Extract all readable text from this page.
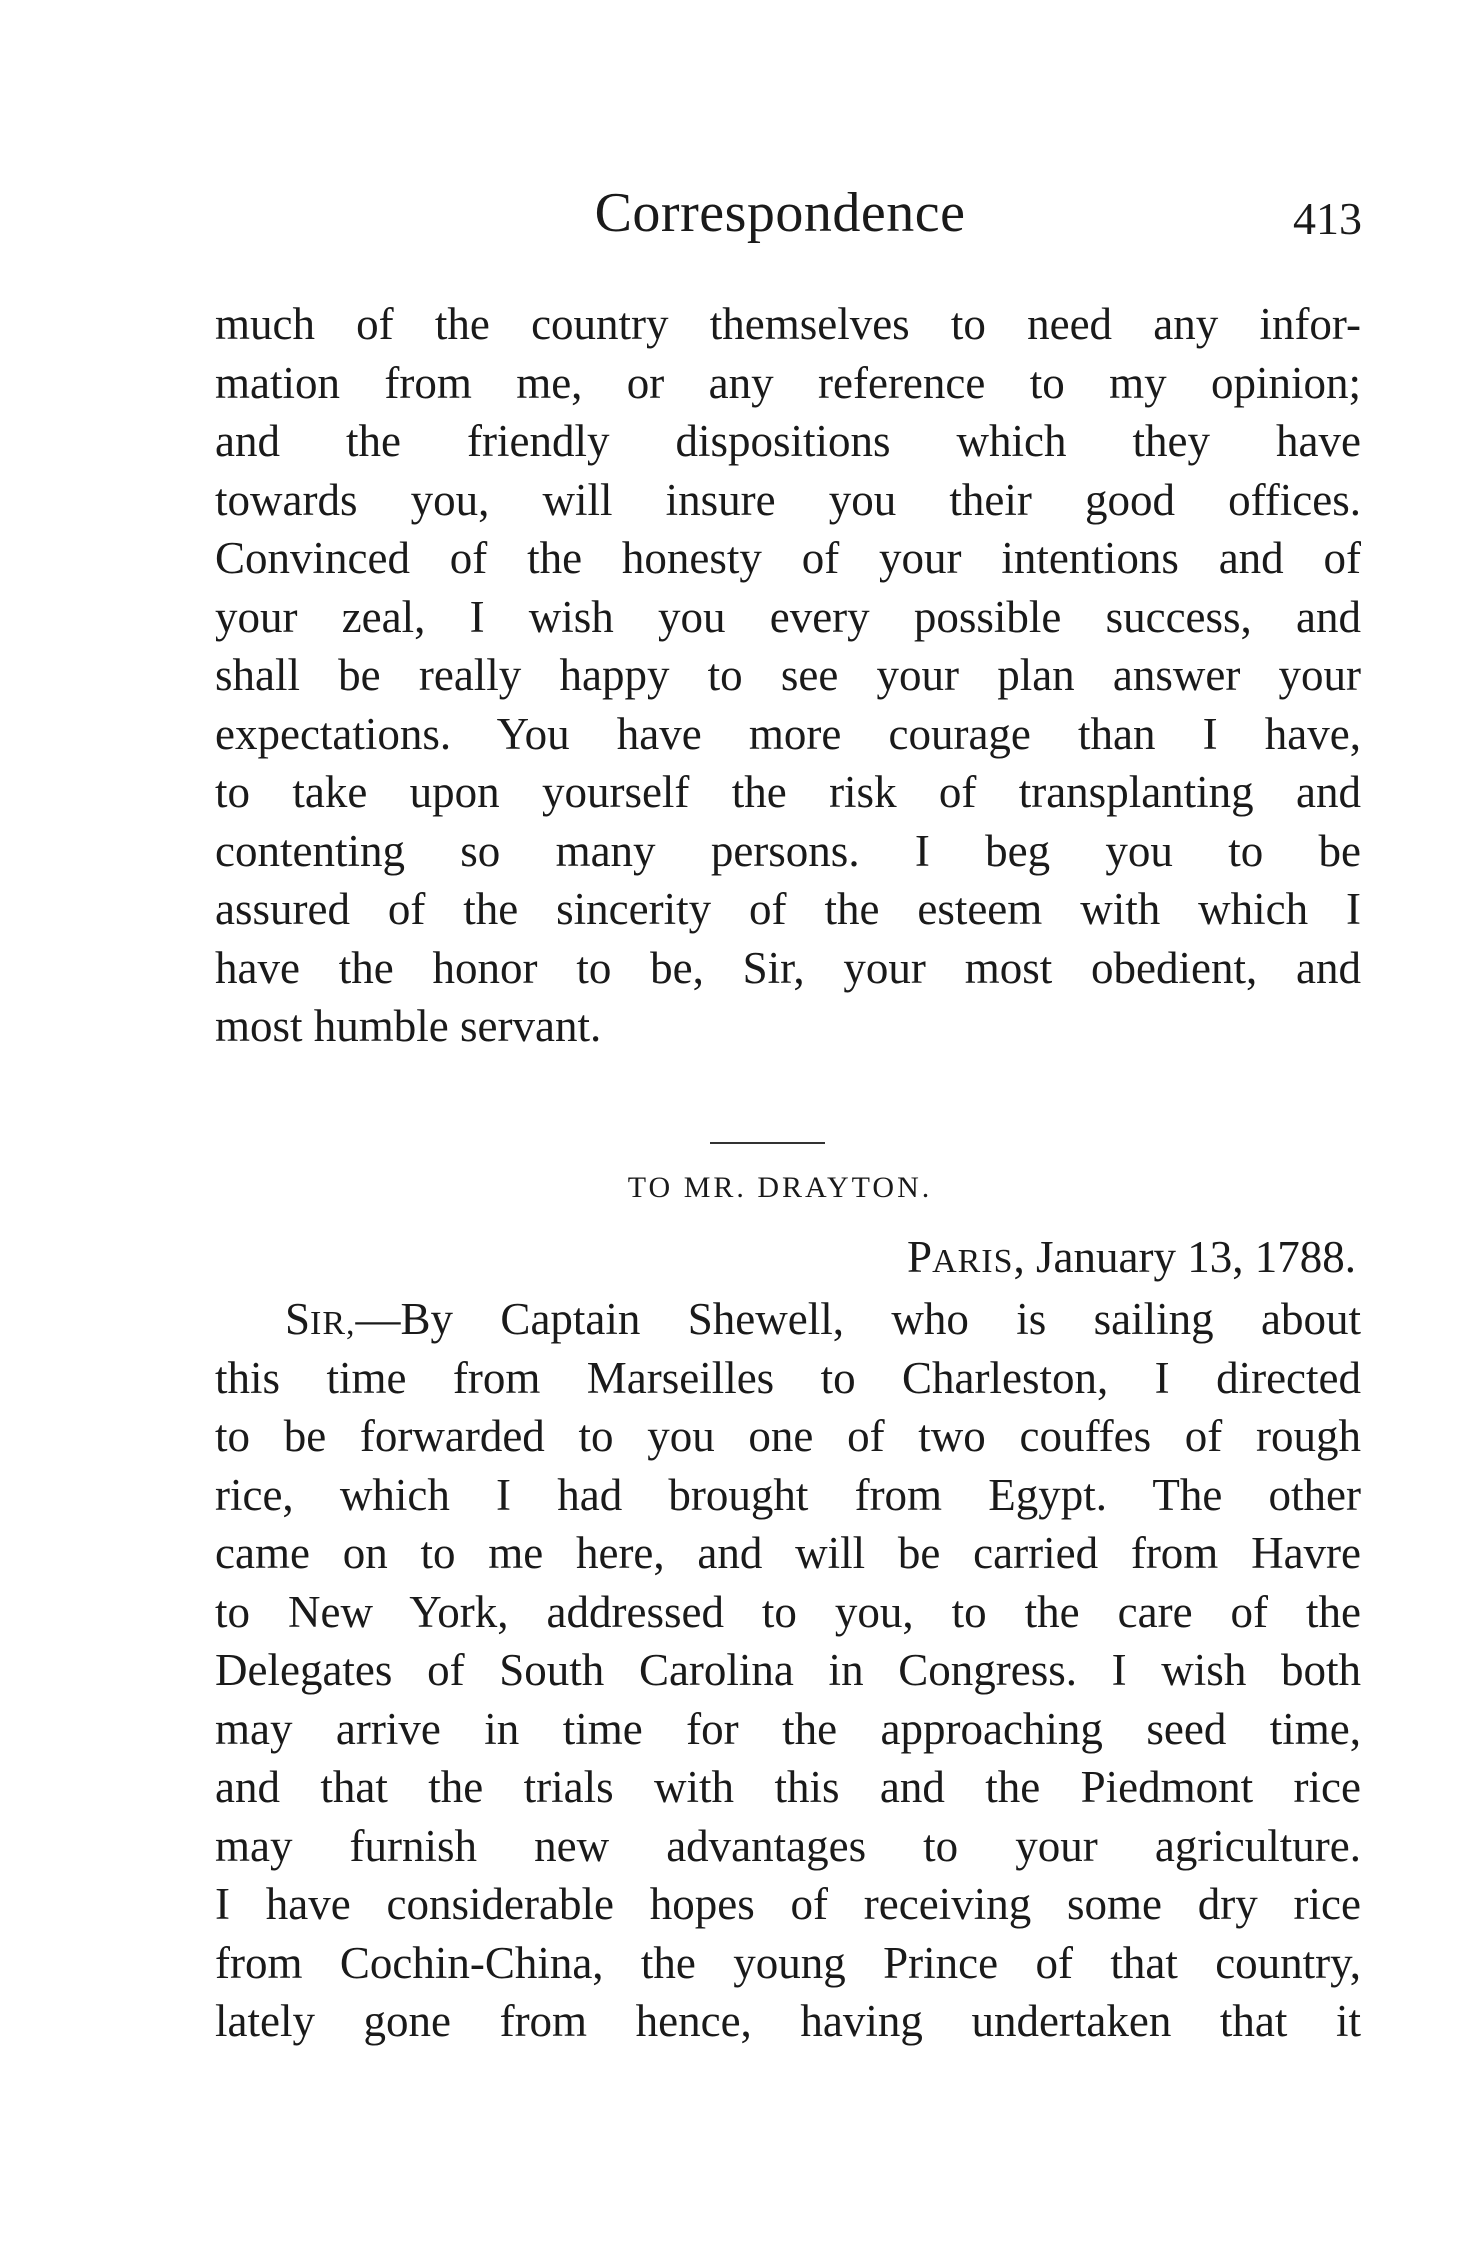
Correspondence	413
much of the country themselves to need any infor-
mation from me, or any reference to my opinion;
and the friendly dispositions which they have
towards you, will insure you their good offices.
Convinced of the honesty of your intentions and of
your zeal, I wish you every possible success, and
shall be really happy to see your plan answer your
expectations. You have more courage than I have,
to take upon yourself the risk of transplanting and
contenting so many persons. I beg you to be
assured of the sincerity of the esteem with which I
have the honor to be, Sir, your most obedient, and
most humble servant.
TO MR. DRAYTON.
PARIS, January 13, 1788.
SIR,—By Captain Shewell, who is sailing about
this time from Marseilles to Charleston, I directed
to be forwarded to you one of two couffes of rough
rice, which I had brought from Egypt. The other
came on to me here, and will be carried from Havre
to New York, addressed to you, to the care of the
Delegates of South Carolina in Congress. I wish both
may arrive in time for the approaching seed time,
and that the trials with this and the Piedmont rice
may furnish new advantages to your agriculture.
I have considerable hopes of receiving some dry rice
from Cochin-China, the young Prince of that country,
lately gone from hence, having undertaken that it
